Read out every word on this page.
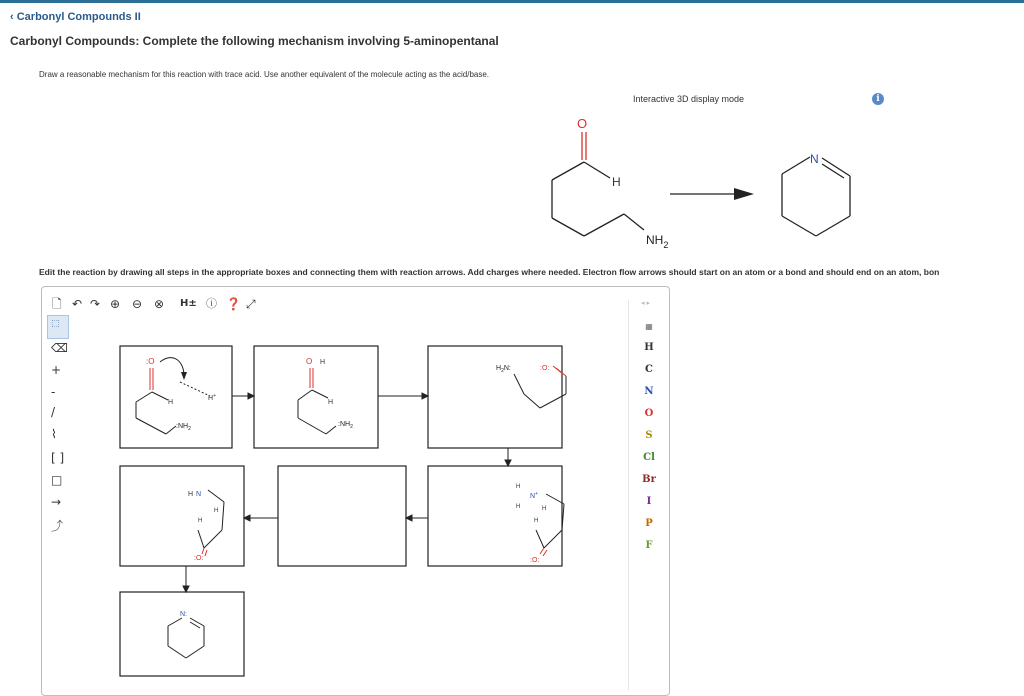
‹ Carbonyl Compounds II
Carbonyl Compounds: Complete the following mechanism involving 5-aminopentanal
Draw a reasonable mechanism for this reaction with trace acid. Use another equivalent of the molecule acting as the acid/base.
Interactive 3D display mode	i
O
H
$NH_2$
N
Edit the reaction by drawing all steps in the appropriate boxes and connecting them with reaction arrows. Add charges where needed. Electron flow arrows should start on an atom or a bond and should end on an atom, bon
🗋 ↶ ↷ ⊕ ⊖ ⊗ H± ⓘ ❓ ⤢	◂ ▸
⬚
⌫
+
-
/
⌇
[ ]
□
→
⤴
▦
H
C
N
O
S
Cl
Br
I
P
F
:O
H
H+
$:NH_2$
O H
H
$:NH_2$
$H_2N$:	:O:
H N
H
H
:O:
H
N+
H	H
H
:O:
N:
